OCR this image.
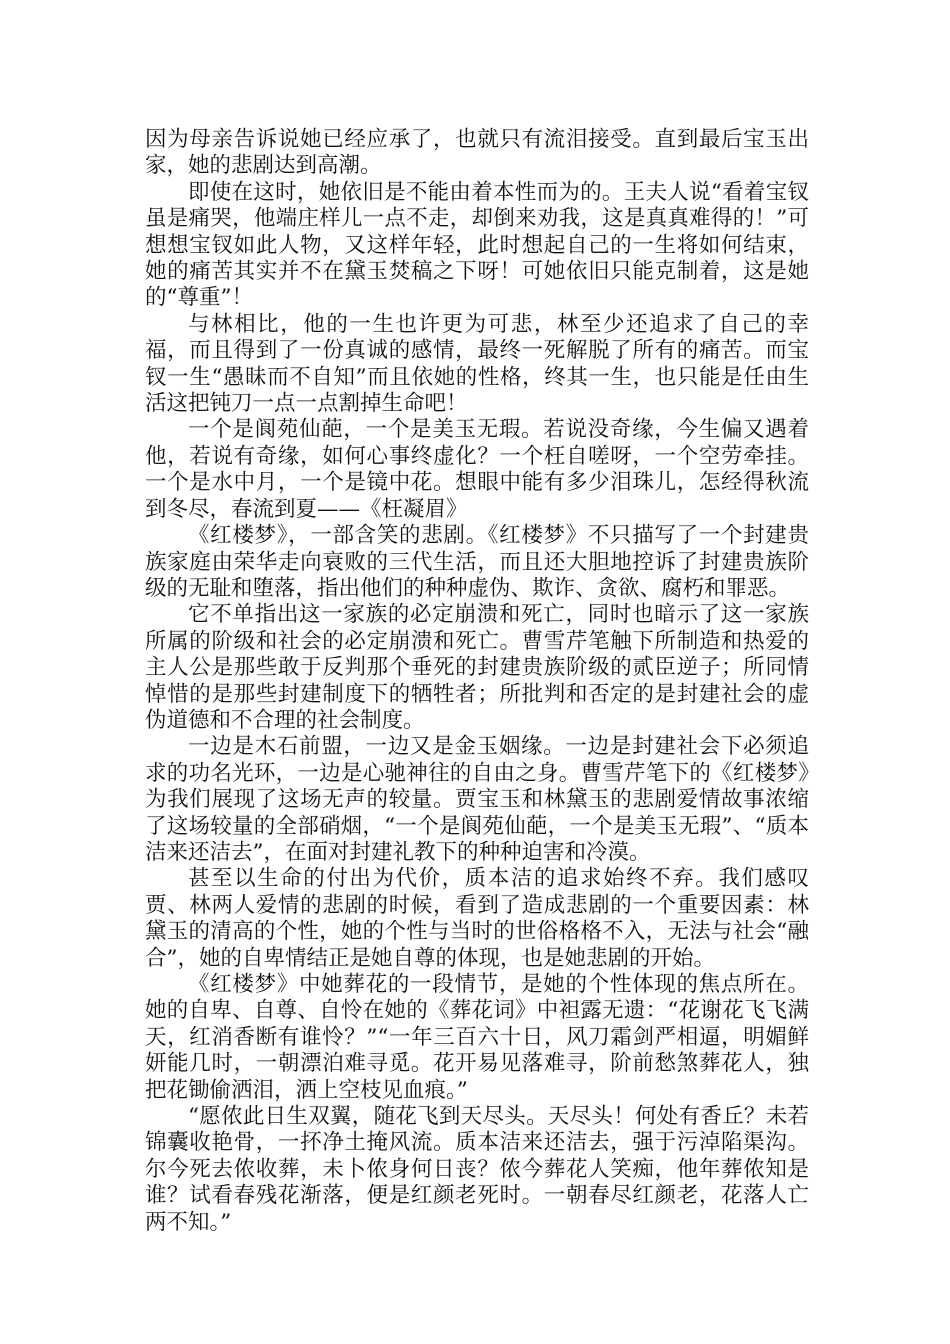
因为母亲告诉说她已经应承了，也就只有流泪接受。直到最后宝玉出家，她的悲剧达到高潮。

即使在这时，她依旧是不能由着本性而为的。王夫人说“看着宝钗虽是痛哭，他端庄样儿一点不走，却倒来劝我，这是真真难得的！”可想想宝钗如此人物，又这样年轻，此时想起自己的一生将如何结束，她的痛苦其实并不在黛玉焚稿之下呀！可她依旧只能克制着，这是她的“尊重”！

与林相比，他的一生也许更为可悲，林至少还追求了自己的幸福，而且得到了一份真诚的感情，最终一死解脱了所有的痛苦。而宝钗一生“愚昧而不自知”而且依她的性格，终其一生，也只能是任由生活这把钝刀一点一点割掉生命吧！

一个是阆苑仙葩，一个是美玉无瑕。若说没奇缘，今生偏又遇着他，若说有奇缘，如何心事终虚化？一个枉自嗟呀，一个空劳牵挂。一个是水中月，一个是镜中花。想眼中能有多少泪珠儿，怎经得秋流到冬尽，春流到夏——《枉凝眉》

《红楼梦》，一部含笑的悲剧。《红楼梦》不只描写了一个封建贵族家庭由荣华走向衰败的三代生活，而且还大胆地控诉了封建贵族阶级的无耻和堕落，指出他们的种种虚伪、欺诈、贪欲、腐朽和罪恶。

它不单指出这一家族的必定崩溃和死亡，同时也暗示了这一家族所属的阶级和社会的必定崩溃和死亡。曹雪芹笔触下所制造和热爱的主人公是那些敢于反判那个垂死的封建贵族阶级的贰臣逆子；所同情悼惜的是那些封建制度下的牺牲者；所批判和否定的是封建社会的虚伪道德和不合理的社会制度。

一边是木石前盟，一边又是金玉姻缘。一边是封建社会下必须追求的功名光环，一边是心驰神往的自由之身。曹雪芹笔下的《红楼梦》为我们展现了这场无声的较量。贾宝玉和林黛玉的悲剧爱情故事浓缩了这场较量的全部硝烟，“一个是阆苑仙葩，一个是美玉无瑕”、“质本洁来还洁去”，在面对封建礼教下的种种迫害和冷漠。

甚至以生命的付出为代价，质本洁的追求始终不弃。我们感叹贾、林两人爱情的悲剧的时候，看到了造成悲剧的一个重要因素：林黛玉的清高的个性，她的个性与当时的世俗格格不入，无法与社会“融合”，她的自卑情结正是她自尊的体现，也是她悲剧的开始。

《红楼梦》中她葬花的一段情节，是她的个性体现的焦点所在。她的自卑、自尊、自怜在她的《葬花词》中袒露无遗：“花谢花飞飞满天，红消香断有谁怜？”“一年三百六十日，风刀霜剑严相逼，明媚鲜妍能几时，一朝漂泊难寻觅。花开易见落难寻，阶前愁煞葬花人，独把花锄偷洒泪，洒上空枝见血痕。”

“愿侬此日生双翼，随花飞到天尽头。天尽头！何处有香丘？未若锦囊收艳骨，一抔净土掩风流。质本洁来还洁去，强于污淖陷渠沟。尔今死去侬收葬，未卜侬身何日丧？侬今葬花人笑痴，他年葬侬知是谁？试看春残花渐落，便是红颜老死时。一朝春尽红颜老，花落人亡两不知。”
